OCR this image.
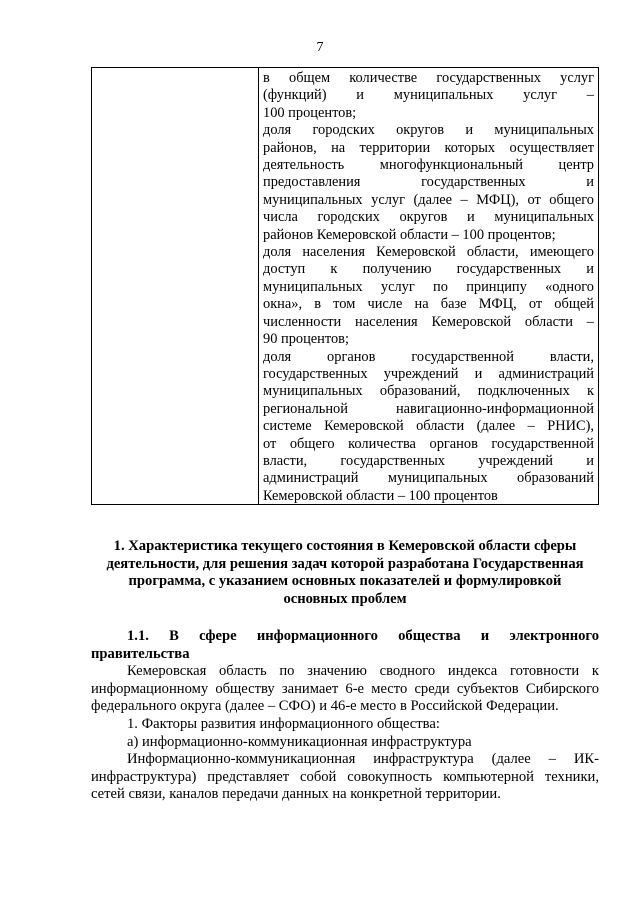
7
в общем количестве государственных услуг
(функций) и муниципальных услуг –
100 процентов;
доля городских округов и муниципальных
районов, на территории которых осуществляет
деятельность многофункциональный центр
предоставления государственных и
муниципальных услуг (далее – МФЦ), от общего
числа городских округов и муниципальных
районов Кемеровской области – 100 процентов;
доля населения Кемеровской области, имеющего
доступ к получению государственных и
муниципальных услуг по принципу «одного
окна», в том числе на базе МФЦ, от общей
численности населения Кемеровской области –
90 процентов;
доля органов государственной власти,
государственных учреждений и администраций
муниципальных образований, подключенных к
региональной навигационно-информационной
системе Кемеровской области (далее – РНИС),
от общего количества органов государственной
власти, государственных учреждений и
администраций муниципальных образований
Кемеровской области – 100 процентов
1. Характеристика текущего состояния в Кемеровской области сферы
деятельности, для решения задач которой разработана Государственная
программа, с указанием основных показателей и формулировкой
основных проблем
1.1. В сфере информационного общества и электронного
правительства
Кемеровская область по значению сводного индекса готовности к
информационному обществу занимает 6-е место среди субъектов Сибирского
федерального округа (далее – СФО) и 46-е место в Российской Федерации.
1. Факторы развития информационного общества:
а) информационно-коммуникационная инфраструктура
Информационно-коммуникационная инфраструктура (далее – ИК-
инфраструктура) представляет собой совокупность компьютерной техники,
сетей связи, каналов передачи данных на конкретной территории.
